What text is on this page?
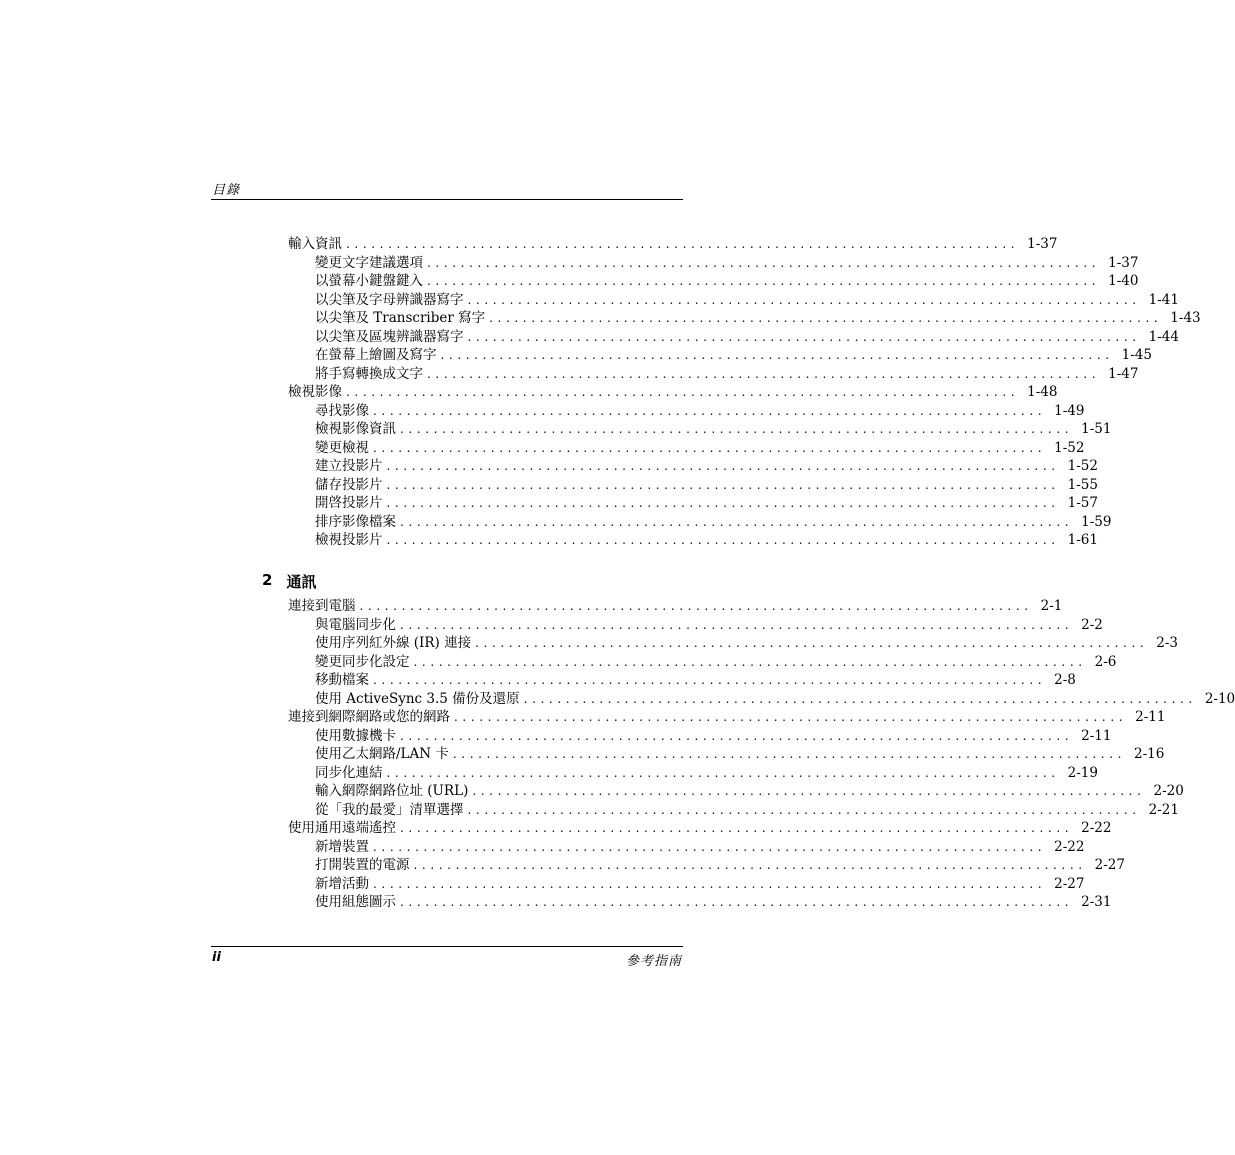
目錄
輸入資訊 ................................................................................ 1-37
變更文字建議選項 ................................................................................ 1-37
以螢幕小鍵盤鍵入 ................................................................................ 1-40
以尖筆及字母辨識器寫字 ................................................................................ 1-41
以尖筆及 Transcriber 寫字 ................................................................................ 1-43
以尖筆及區塊辨識器寫字 ................................................................................ 1-44
在螢幕上繪圖及寫字 ................................................................................ 1-45
將手寫轉換成文字 ................................................................................ 1-47
檢視影像 ................................................................................ 1-48
尋找影像 ................................................................................ 1-49
檢視影像資訊 ................................................................................ 1-51
變更檢視 ................................................................................ 1-52
建立投影片 ................................................................................ 1-52
儲存投影片 ................................................................................ 1-55
開啓投影片 ................................................................................ 1-57
排序影像檔案 ................................................................................ 1-59
檢視投影片 ................................................................................ 1-61
2 通訊
連接到電腦 ................................................................................ 2-1
與電腦同步化 ................................................................................ 2-2
使用序列紅外線 (IR) 連接 ................................................................................ 2-3
變更同步化設定 ................................................................................ 2-6
移動檔案 ................................................................................ 2-8
使用 ActiveSync 3.5 備份及還原 ................................................................................ 2-10
連接到網際網路或您的網路 ................................................................................ 2-11
使用數據機卡 ................................................................................ 2-11
使用乙太網路/LAN 卡 ................................................................................ 2-16
同步化連結 ................................................................................ 2-19
輸入網際網路位址 (URL) ................................................................................ 2-20
從「我的最愛」清單選擇 ................................................................................ 2-21
使用通用遠端遙控 ................................................................................ 2-22
新增裝置 ................................................................................ 2-22
打開裝置的電源 ................................................................................ 2-27
新增活動 ................................................................................ 2-27
使用組態圖示 ................................................................................ 2-31
ii	參考指南
